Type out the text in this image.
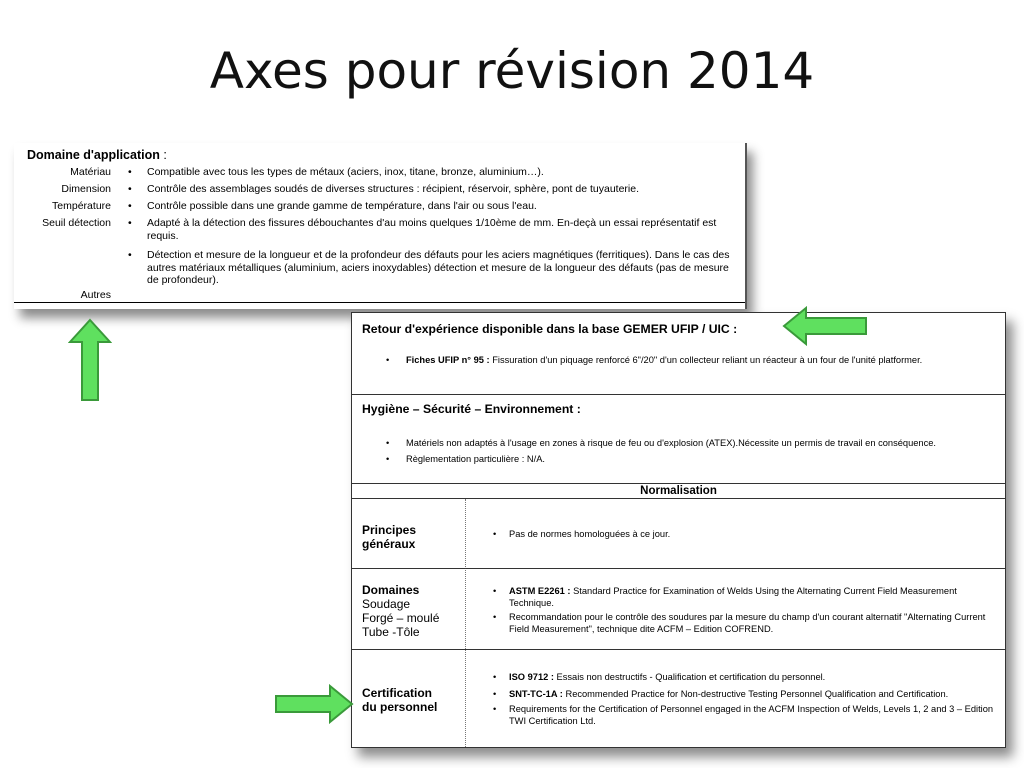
Axes pour révision 2014
Domaine d'application :
Matériau • Compatible avec tous les types de métaux (aciers, inox, titane, bronze, aluminium…).
Dimension • Contrôle des assemblages soudés de diverses structures : récipient, réservoir, sphère, pont de tuyauterie.
Température • Contrôle possible dans une grande gamme de température, dans l'air ou sous l'eau.
Seuil détection • Adapté à la détection des fissures débouchantes d'au moins quelques 1/10ème de mm. En-deçà un essai représentatif est requis.
• Détection et mesure de la longueur et de la profondeur des défauts pour les aciers magnétiques (ferritiques). Dans le cas des autres matériaux métalliques (aluminium, aciers inoxydables) détection et mesure de la longueur des défauts (pas de mesure de profondeur).
Autres
Retour d'expérience disponible dans la base GEMER UFIP / UIC :
• Fiches UFIP n° 95 : Fissuration d'un piquage renforcé 6"/20" d'un collecteur reliant un réacteur à un four de l'unité platformer.
Hygiène – Sécurité – Environnement :
• Matériels non adaptés à l'usage en zones à risque de feu ou d'explosion (ATEX).Nécessite un permis de travail en conséquence.
• Règlementation particulière : N/A.
Normalisation
Principes
généraux
• Pas de normes homologuées à ce jour.
Domaines
Soudage
Forgé – moulé
Tube -Tôle
• ASTM E2261 : Standard Practice for Examination of Welds Using the Alternating Current Field Measurement Technique.
• Recommandation pour le contrôle des soudures par la mesure du champ d'un courant alternatif "Alternating Current Field Measurement", technique dite ACFM – Edition COFREND.
Certification
du personnel
• ISO 9712 : Essais non destructifs - Qualification et certification du personnel.
• SNT-TC-1A : Recommended Practice for Non-destructive Testing Personnel Qualification and Certification.
• Requirements for the Certification of Personnel engaged in the ACFM Inspection of Welds, Levels 1, 2 and 3 – Edition TWI Certification Ltd.
